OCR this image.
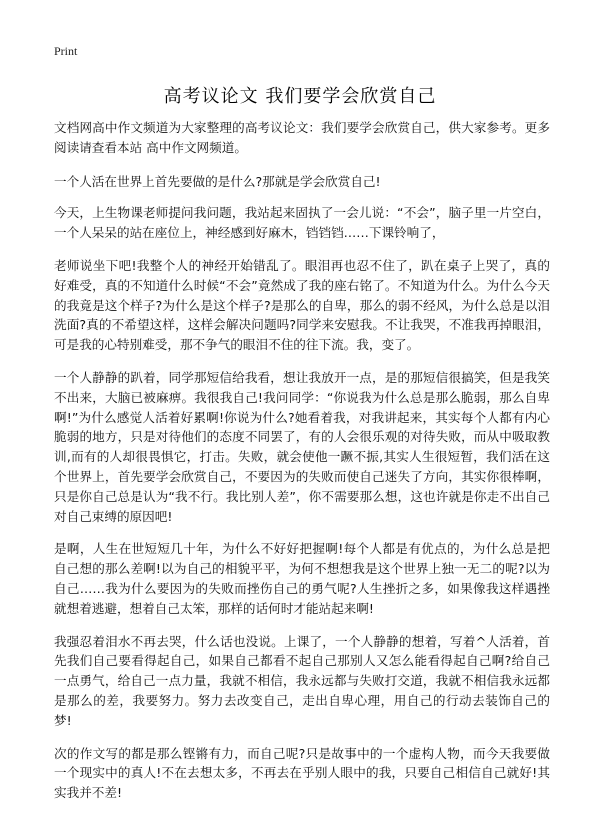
Print
高考议论文 我们要学会欣赏自己

文档网高中作文频道为大家整理的高考议论文：我们要学会欣赏自己，供大家参考。更多阅读请查看本站 高中作文网频道。

一个人活在世界上首先要做的是什么?那就是学会欣赏自己!

今天，上生物课老师提问我问题，我站起来固执了一会儿说：“不会”，脑子里一片空白，一个人呆呆的站在座位上，神经感到好麻木，铛铛铛……下课铃响了，

老师说坐下吧!我整个人的神经开始错乱了。眼泪再也忍不住了，趴在桌子上哭了，真的好难受，真的不知道什么时候“不会”竟然成了我的座右铭了。不知道为什么。为什么今天的我竟是这个样子?为什么是这个样子?是那么的自卑，那么的弱不经风，为什么总是以泪洗面?真的不希望这样，这样会解决问题吗?同学来安慰我。不让我哭，不准我再掉眼泪，可是我的心特别难受，那不争气的眼泪不住的往下流。我，变了。

一个人静静的趴着，同学那短信给我看，想让我放开一点，是的那短信很搞笑，但是我笑不出来，大脑已被麻痹。我很我自己!我问同学：“你说我为什么总是那么脆弱，那么自卑啊!”为什么感觉人活着好累啊!你说为什么?她看着我，对我讲起来，其实每个人都有内心脆弱的地方，只是对待他们的态度不同罢了，有的人会很乐观的对待失败，而从中吸取教训,而有的人却很畏惧它，打击。失败，就会使他一蹶不振,其实人生很短暂，我们活在这个世界上，首先要学会欣赏自己，不要因为的失败而使自己迷失了方向，其实你很棒啊，只是你自己总是认为“我不行。我比别人差”，你不需要那么想，这也许就是你走不出自己对自己束缚的原因吧!

是啊，人生在世短短几十年，为什么不好好把握啊!每个人都是有优点的，为什么总是把自己想的那么差啊!以为自己的相貌平平，为何不想想我是这个世界上独一无二的呢?以为自己……我为什么要因为的失败而挫伤自己的勇气呢?人生挫折之多，如果像我这样遇挫就想着逃避，想着自己太笨，那样的话何时才能站起来啊!

我强忍着泪水不再去哭，什么话也没说。上课了，一个人静静的想着，写着^人活着，首先我们自己要看得起自己，如果自己都看不起自己那别人又怎么能看得起自己啊?给自己一点勇气，给自己一点力量，我就不相信，我永远都与失败打交道，我就不相信我永远都是那么的差，我要努力。努力去改变自己，走出自卑心理，用自己的行动去装饰自己的梦!

次的作文写的都是那么铿锵有力，而自己呢?只是故事中的一个虚构人物，而今天我要做一个现实中的真人!不在去想太多，不再去在乎别人眼中的我，只要自己相信自己就好!其实我并不差!
